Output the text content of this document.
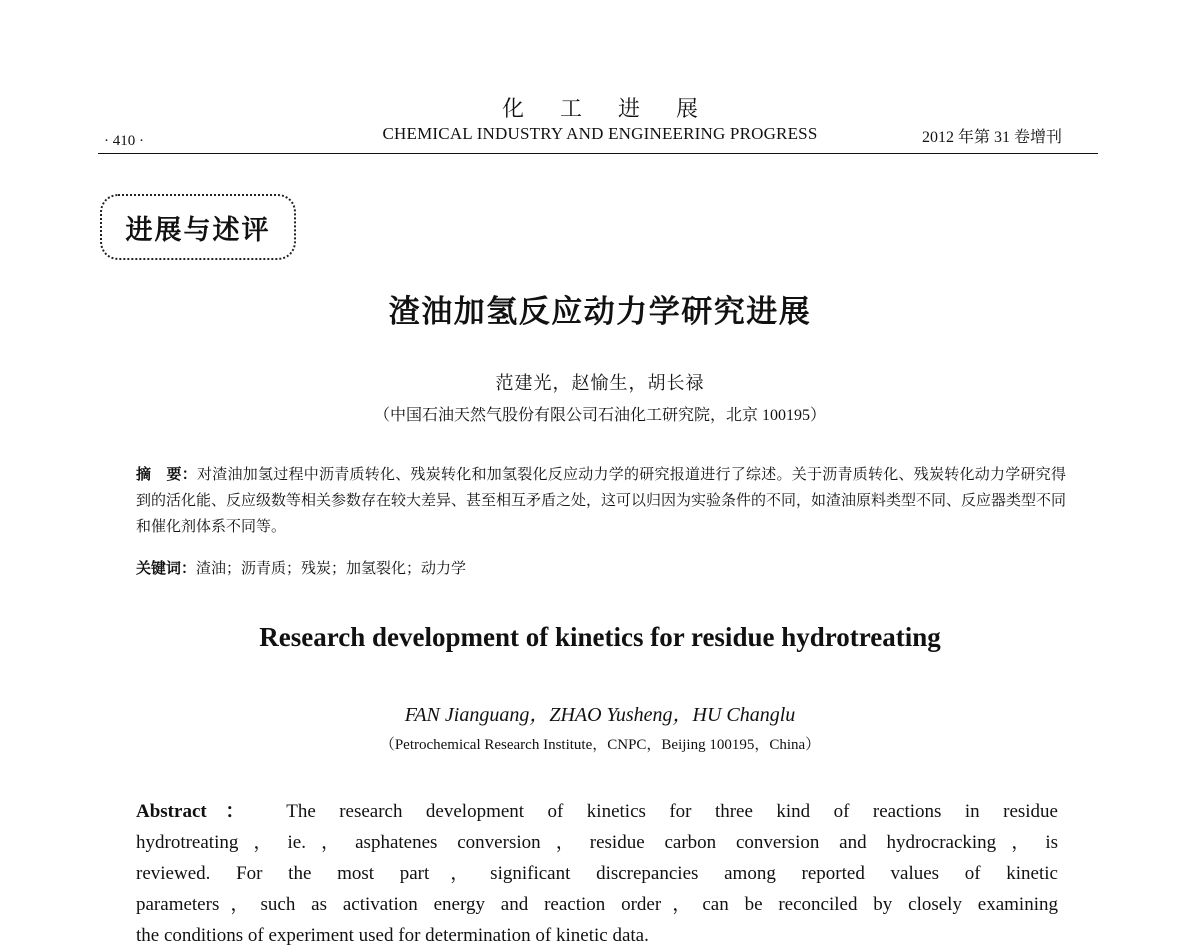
化工进展
CHEMICAL INDUSTRY AND ENGINEERING PROGRESS
· 410 ·	2012 年第 31 卷增刊
进展与述评
渣油加氢反应动力学研究进展
范建光，赵愉生，胡长禄
（中国石油天然气股份有限公司石油化工研究院，北京 100195）
摘　要：对渣油加氢过程中沥青质转化、残炭转化和加氢裂化反应动力学的研究报道进行了综述。关于沥青质转化、残炭转化动力学研究得到的活化能、反应级数等相关参数存在较大差异、甚至相互矛盾之处，这可以归因为实验条件的不同，如渣油原料类型不同、反应器类型不同和催化剂体系不同等。
关键词：渣油；沥青质；残炭；加氢裂化；动力学
Research development of kinetics for residue hydrotreating
FAN Jianguang，ZHAO Yusheng，HU Changlu
（Petrochemical Research Institute，CNPC，Beijing 100195，China）
Abstract： The research development of kinetics for three kind of reactions in residue
hydrotreating，ie.，asphatenes conversion，residue carbon conversion and hydrocracking，is
reviewed. For the most part，significant discrepancies among reported values of kinetic
parameters，such as activation energy and reaction order，can be reconciled by closely examining
the conditions of experiment used for determination of kinetic data.
